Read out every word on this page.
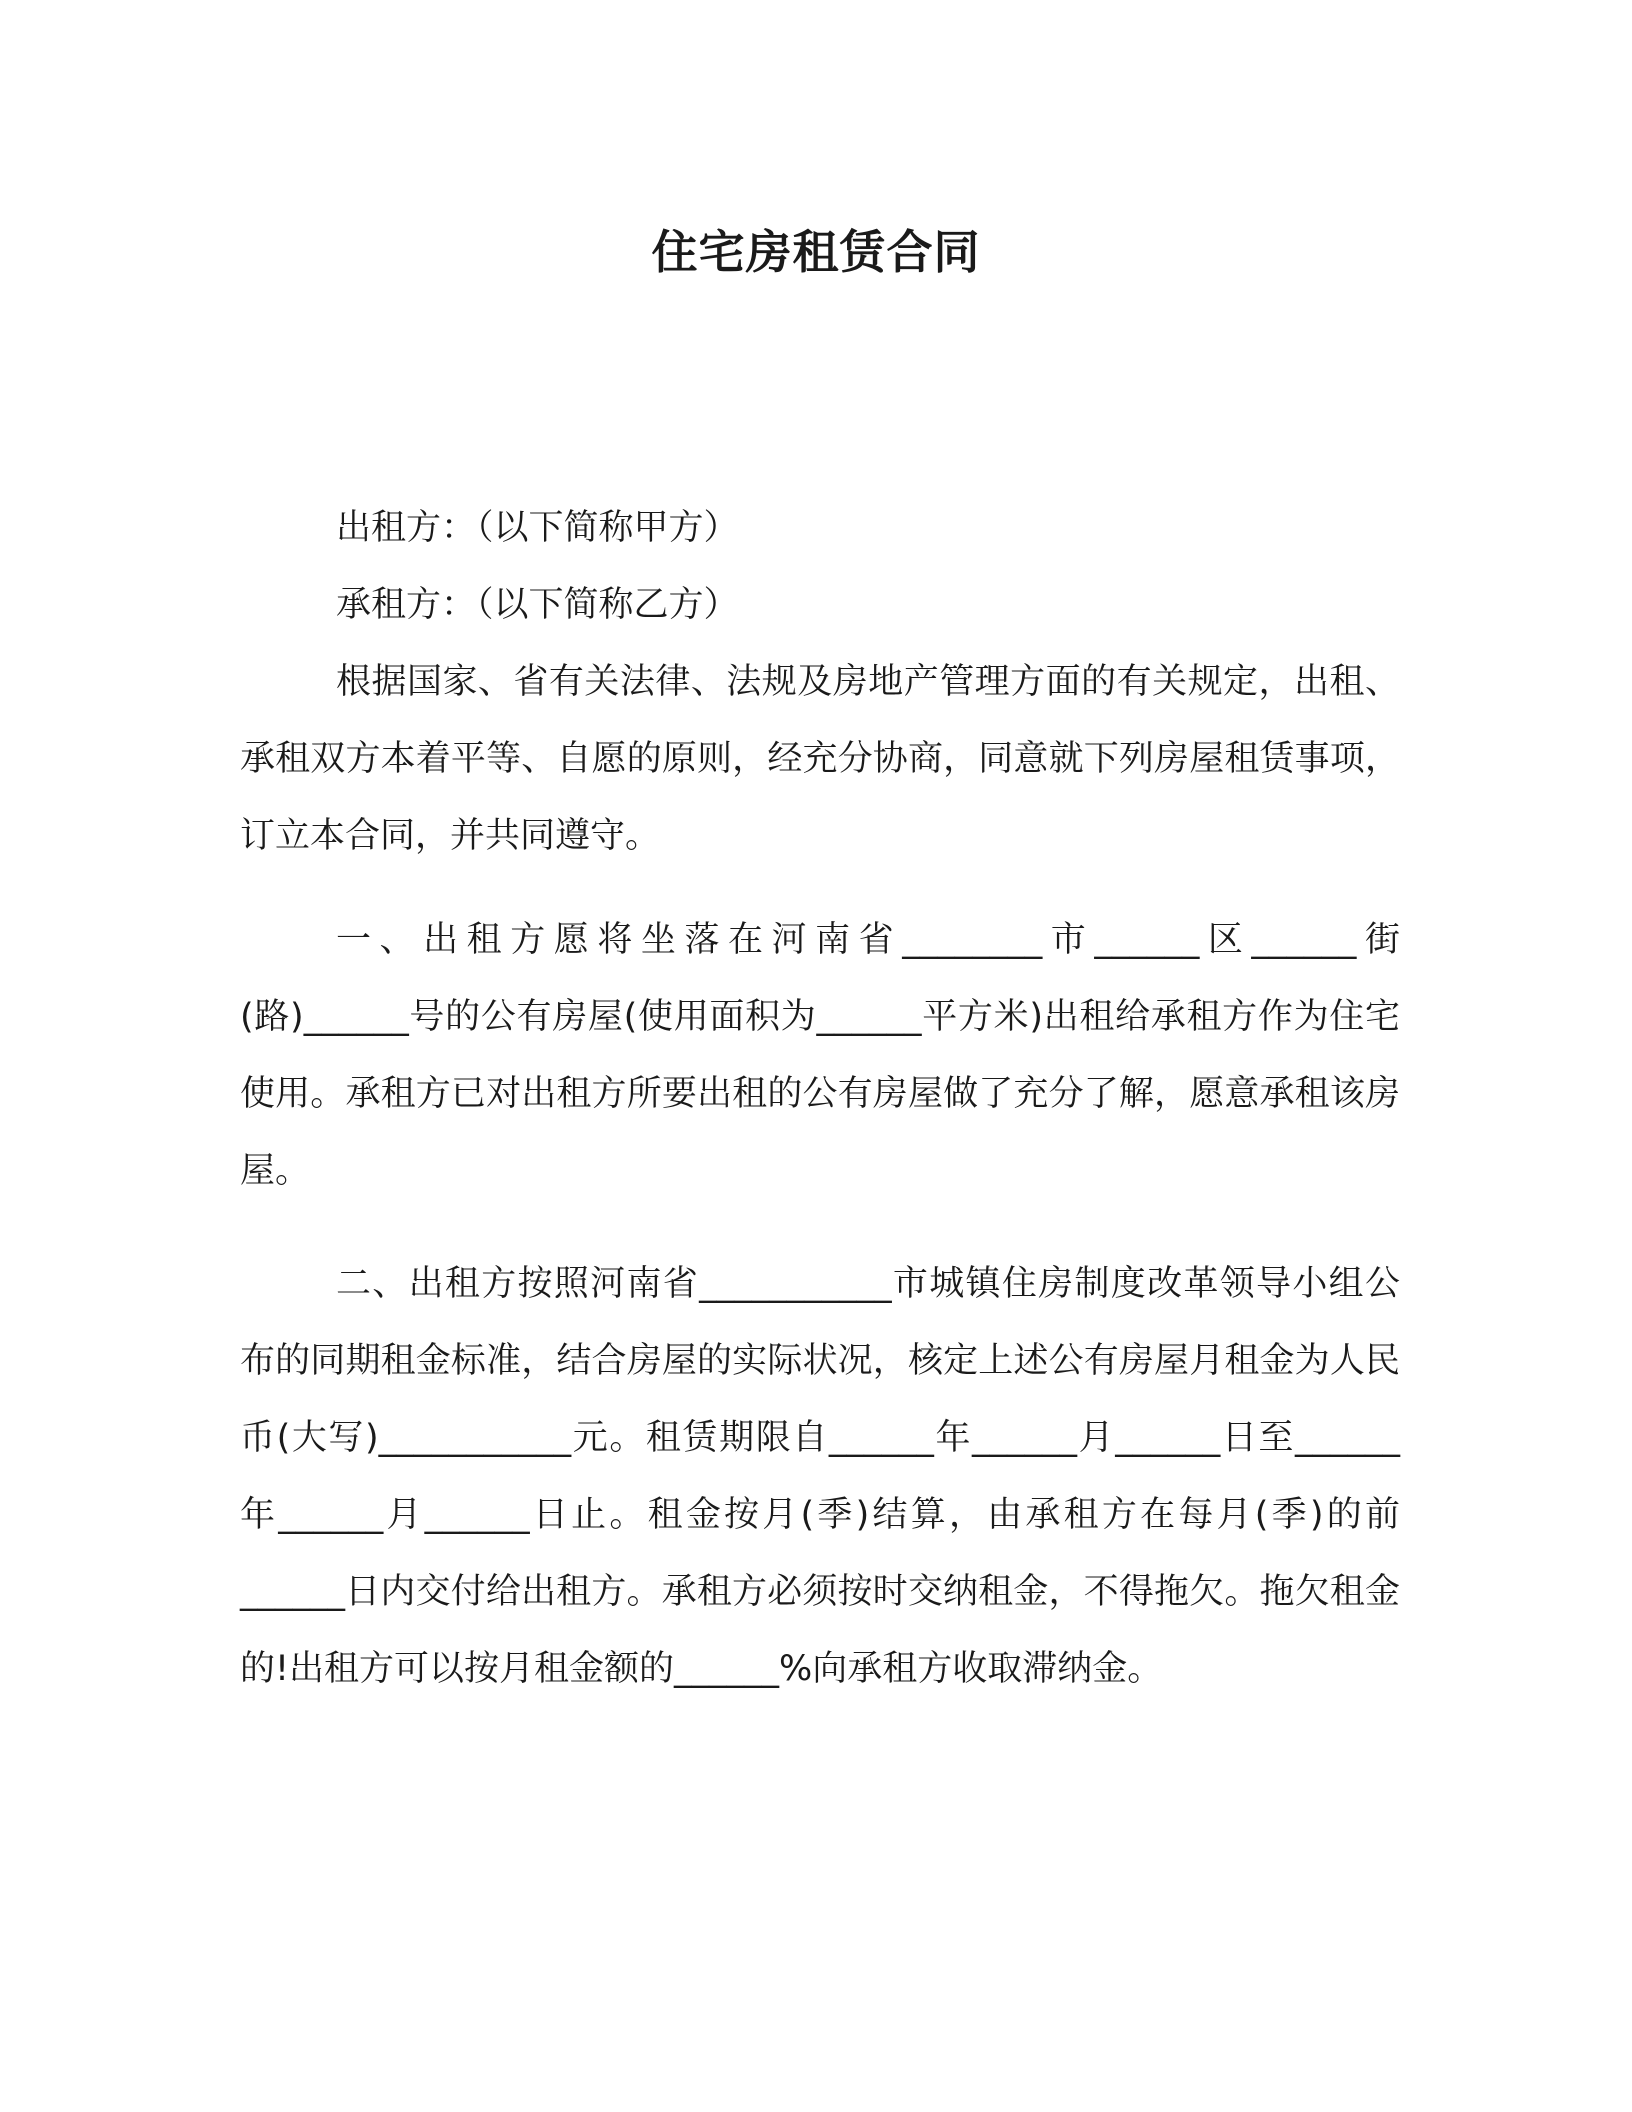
住宅房租赁合同

出租方：（以下简称甲方）

承租方：（以下简称乙方）

根据国家、省有关法律、法规及房地产管理方面的有关规定，出租、承租双方本着平等、自愿的原则，经充分协商，同意就下列房屋租赁事项，订立本合同，并共同遵守。

一、出租方愿将坐落在河南省________市______区______街(路)______号的公有房屋(使用面积为______平方米)出租给承租方作为住宅使用。承租方已对出租方所要出租的公有房屋做了充分了解，愿意承租该房屋。

二、出租方按照河南省___________市城镇住房制度改革领导小组公布的同期租金标准，结合房屋的实际状况，核定上述公有房屋月租金为人民币(大写)___________元。租赁期限自______年______月______日至______年______月______日止。租金按月(季)结算，由承租方在每月(季)的前______日内交付给出租方。承租方必须按时交纳租金，不得拖欠。拖欠租金的!出租方可以按月租金额的______%向承租方收取滞纳金。
